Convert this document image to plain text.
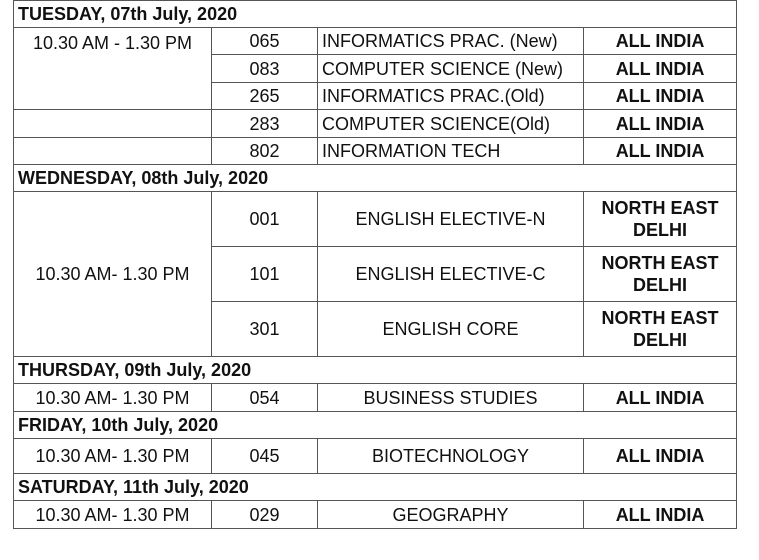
TUESDAY, 07th July, 2020			
10.30 AM - 1.30 PM	065	INFORMATICS PRAC. (New)	ALL INDIA
	083	COMPUTER SCIENCE (New)	ALL INDIA
	265	INFORMATICS PRAC.(Old)	ALL INDIA
	283	COMPUTER SCIENCE(Old)	ALL INDIA
	802	INFORMATION TECH	ALL INDIA
WEDNESDAY, 08th July, 2020			
10.30 AM- 1.30 PM	001	ENGLISH ELECTIVE-N	NORTH EAST
DELHI

	101	ENGLISH ELECTIVE-C	NORTH EAST
DELHI

	301	ENGLISH CORE	NORTH EAST
DELHI

THURSDAY, 09th July, 2020			
10.30 AM- 1.30 PM	054	BUSINESS STUDIES	ALL INDIA
FRIDAY, 10th July, 2020			
10.30 AM- 1.30 PM	045	BIOTECHNOLOGY	ALL INDIA
SATURDAY, 11th July, 2020			
10.30 AM- 1.30 PM	029	GEOGRAPHY	ALL INDIA
